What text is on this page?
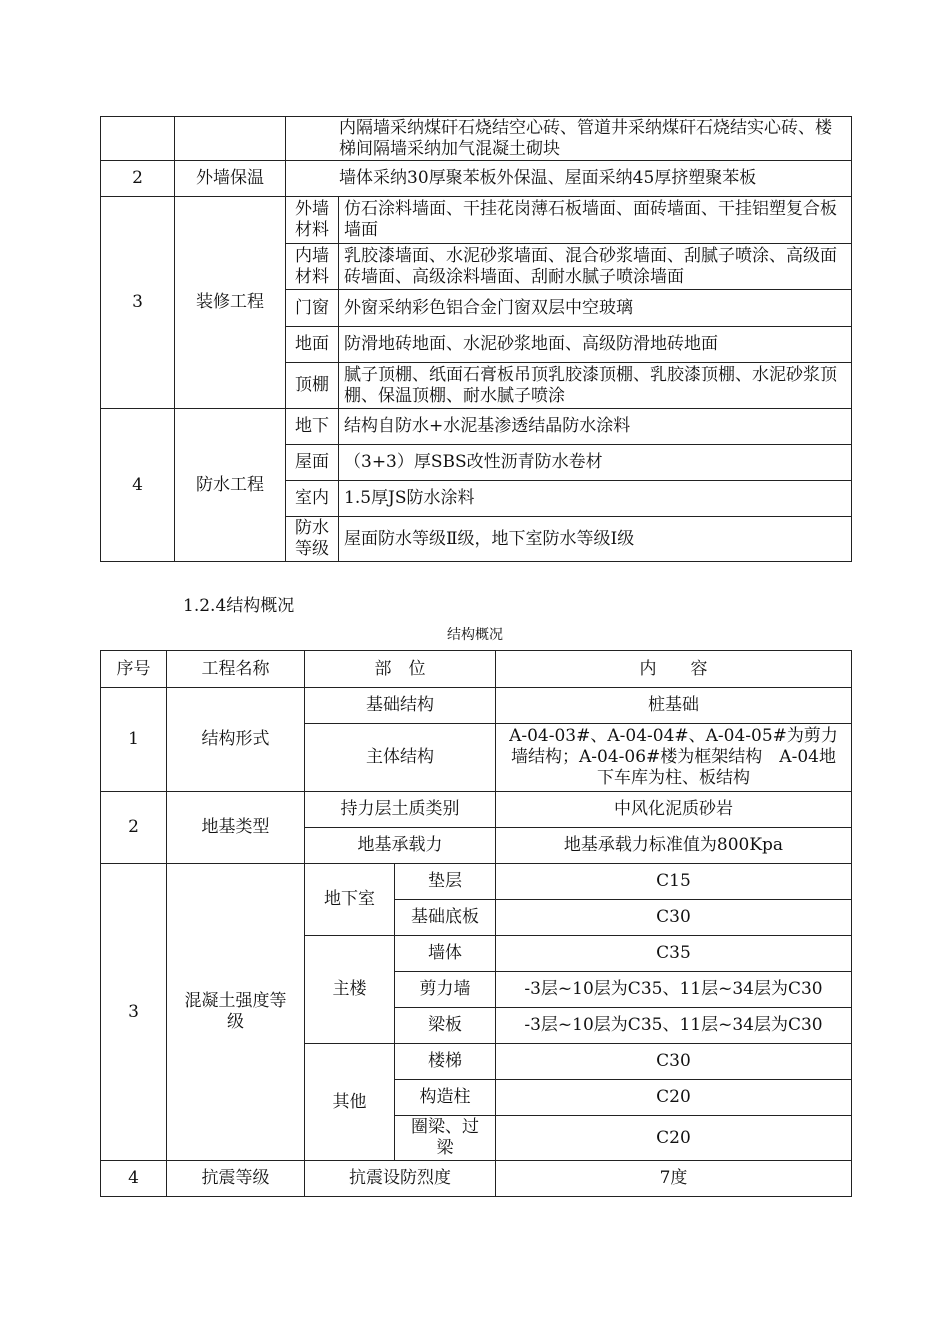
		内隔墙采纳煤矸石烧结空心砖、管道井采纳煤矸石烧结实心砖、楼梯间隔墙采纳加气混凝土砌块	
2	外墙保温	墙体采纳30厚聚苯板外保温、屋面采纳45厚挤塑聚苯板	
3	装修工程	外墙材料	仿石涂料墙面、干挂花岗薄石板墙面、面砖墙面、干挂铝塑复合板墙面
		内墙材料	乳胶漆墙面、水泥砂浆墙面、混合砂浆墙面、刮腻子喷涂、高级面砖墙面、高级涂料墙面、刮耐水腻子喷涂墙面
		门窗	外窗采纳彩色铝合金门窗双层中空玻璃
		地面	防滑地砖地面、水泥砂浆地面、高级防滑地砖地面
		顶棚	腻子顶棚、纸面石膏板吊顶乳胶漆顶棚、乳胶漆顶棚、水泥砂浆顶棚、保温顶棚、耐水腻子喷涂
4	防水工程	地下	结构自防水+水泥基渗透结晶防水涂料
		屋面	（3+3）厚SBS改性沥青防水卷材
		室内	1.5厚JS防水涂料
		防水等级	屋面防水等级Ⅱ级，地下室防水等级Ⅰ级
1.2.4结构概况
结构概况
序号	工程名称	部　位		内　　容
1	结构形式	基础结构		桩基础
		主体结构		A-04-03#、A-04-04#、A-04-05#为剪力墙结构；A-04-06#楼为框架结构　A-04地下车库为柱、板结构
2	地基类型	持力层土质类别		中风化泥质砂岩
		地基承载力		地基承载力标准值为800Kpa
3	混凝土强度等级	地下室	垫层	C15
			基础底板	C30
		主楼	墙体	C35
			剪力墙	-3层~10层为C35、11层~34层为C30
			梁板	-3层~10层为C35、11层~34层为C30
		其他	楼梯	C30
			构造柱	C20
			圈梁、过梁	C20
4	抗震等级	抗震设防烈度		7度
